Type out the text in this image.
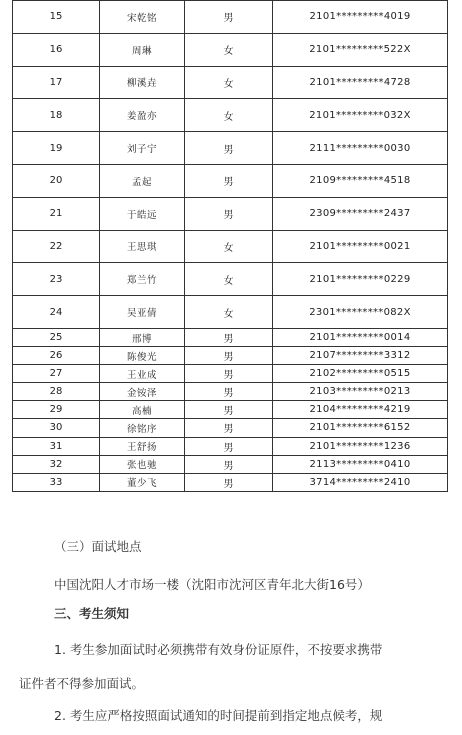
15	宋乾铭	男	2101*********4019
16	周琳	女	2101*********522X
17	柳溪垚	女	2101*********4728
18	姜盈亦	女	2101*********032X
19	刘子宁	男	2111*********0030
20	孟起	男	2109*********4518
21	于皓远	男	2309*********2437
22	王思琪	女	2101*********0021
23	郑兰竹	女	2101*********0229
24	吴亚倩	女	2301*********082X
25	邢博	男	2101*********0014
26	陈俊光	男	2107*********3312
27	王业成	男	2102*********0515
28	金铵泽	男	2103*********0213
29	高楠	男	2104*********4219
30	徐铭序	男	2101*********6152
31	王舒扬	男	2101*********1236
32	张也驰	男	2113*********0410
33	董少飞	男	3714*********2410
（三）面试地点
中国沈阳人才市场一楼（沈阳市沈河区青年北大街16号）
三、考生须知
1. 考生参加面试时必须携带有效身份证原件，不按要求携带
证件者不得参加面试。
2. 考生应严格按照面试通知的时间提前到指定地点候考，规
